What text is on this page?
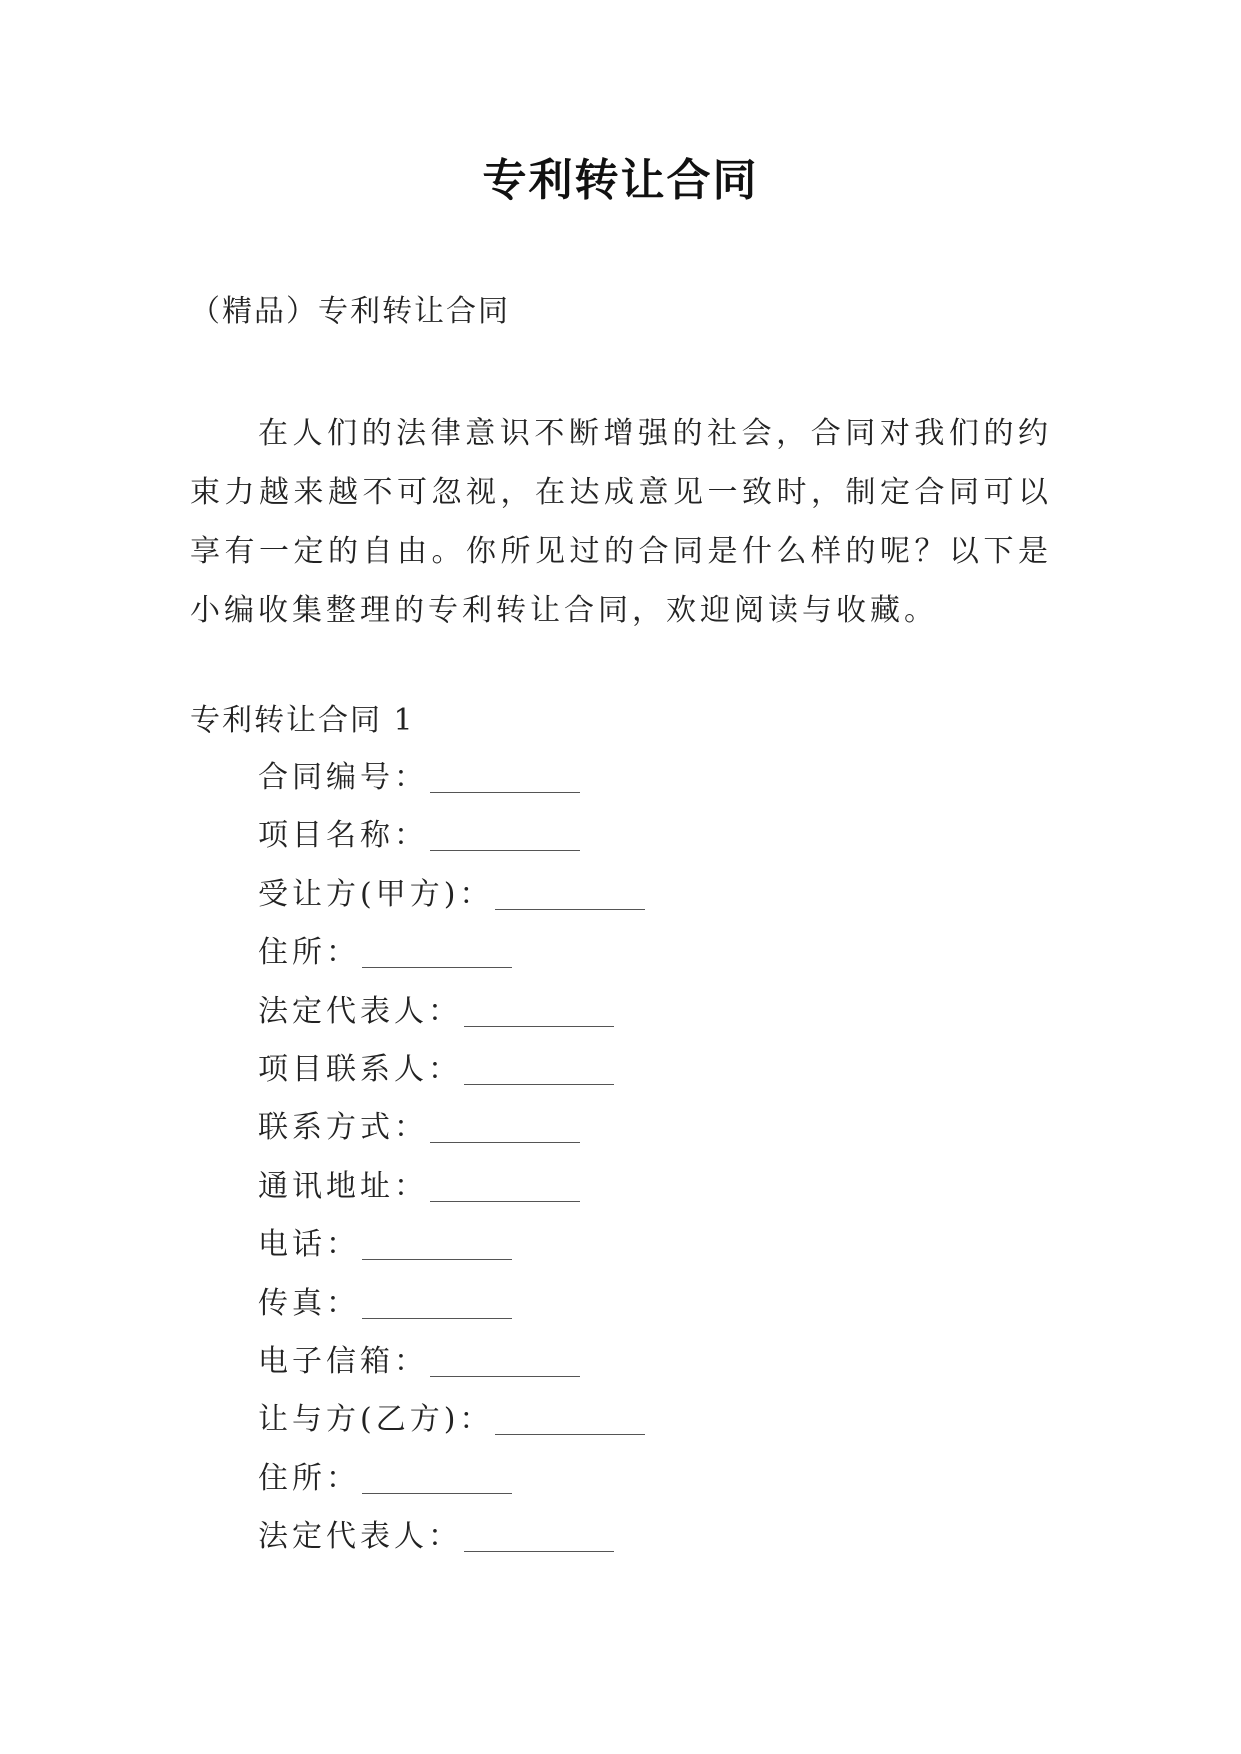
专利转让合同
（精品）专利转让合同

在人们的法律意识不断增强的社会，合同对我们的约束力越来越不可忽视，在达成意见一致时，制定合同可以享有一定的自由。你所见过的合同是什么样的呢？以下是小编收集整理的专利转让合同，欢迎阅读与收藏。

专利转让合同 1
合同编号：
项目名称：
受让方(甲方)：
住所：
法定代表人：
项目联系人：
联系方式：
通讯地址：
电话：
传真：
电子信箱：
让与方(乙方)：
住所：
法定代表人：
